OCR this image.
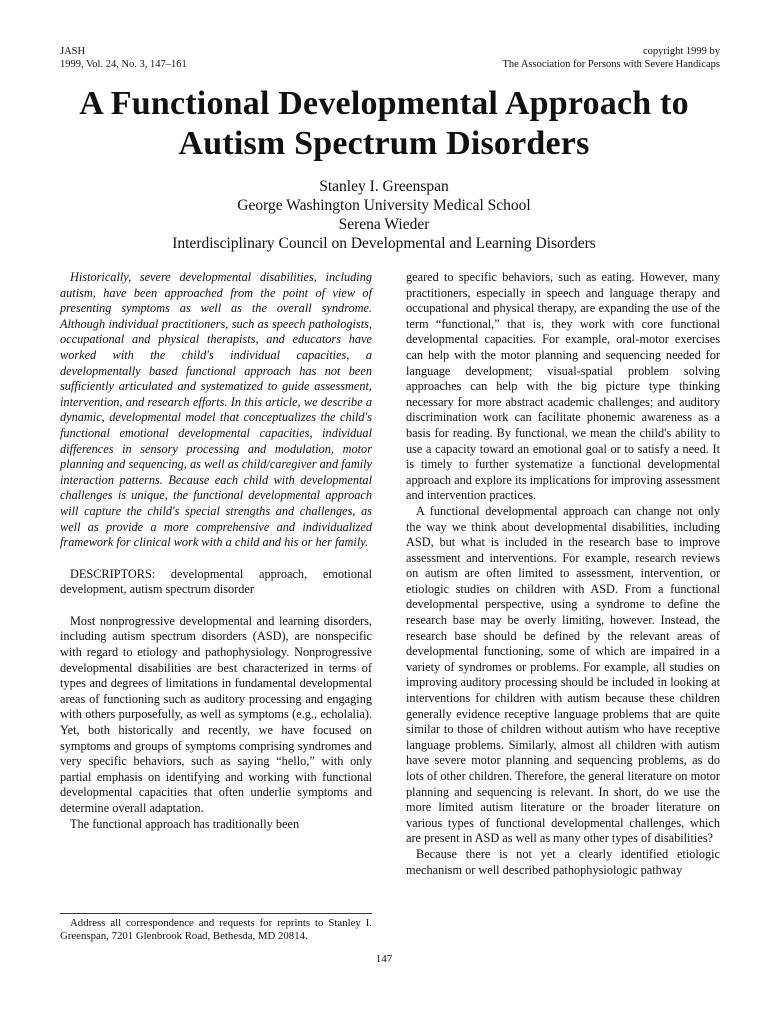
JASH
1999, Vol. 24, No. 3, 147–161
copyright 1999 by
The Association for Persons with Severe Handicaps
A Functional Developmental Approach to
Autism Spectrum Disorders
Stanley I. Greenspan
George Washington University Medical School
Serena Wieder
Interdisciplinary Council on Developmental and Learning Disorders

Historically, severe developmental disabilities, including autism, have been approached from the point of view of presenting symptoms as well as the overall syndrome. Although individual practitioners, such as speech pathologists, occupational and physical therapists, and educators have worked with the child's individual capacities, a developmentally based functional approach has not been sufficiently articulated and systematized to guide assessment, intervention, and research efforts. In this article, we describe a dynamic, developmental model that conceptualizes the child's functional emotional developmental capacities, individual differences in sensory processing and modulation, motor planning and sequencing, as well as child/caregiver and family interaction patterns. Because each child with developmental challenges is unique, the functional developmental approach will capture the child's special strengths and challenges, as well as provide a more comprehensive and individualized framework for clinical work with a child and his or her family.

DESCRIPTORS: developmental approach, emotional development, autism spectrum disorder

Most nonprogressive developmental and learning disorders, including autism spectrum disorders (ASD), are nonspecific with regard to etiology and pathophysiology. Nonprogressive developmental disabilities are best characterized in terms of types and degrees of limitations in fundamental developmental areas of functioning such as auditory processing and engaging with others purposefully, as well as symptoms (e.g., echolalia). Yet, both historically and recently, we have focused on symptoms and groups of symptoms comprising syndromes and very specific behaviors, such as saying “hello,” with only partial emphasis on identifying and working with functional developmental capacities that often underlie symptoms and determine overall adaptation.

The functional approach has traditionally been

Address all correspondence and requests for reprints to Stanley I. Greenspan, 7201 Glenbrook Road, Bethesda, MD 20814.

geared to specific behaviors, such as eating. However, many practitioners, especially in speech and language therapy and occupational and physical therapy, are expanding the use of the term “functional,” that is, they work with core functional developmental capacities. For example, oral-motor exercises can help with the motor planning and sequencing needed for language development; visual-spatial problem solving approaches can help with the big picture type thinking necessary for more abstract academic challenges; and auditory discrimination work can facilitate phonemic awareness as a basis for reading. By functional, we mean the child's ability to use a capacity toward an emotional goal or to satisfy a need. It is timely to further systematize a functional developmental approach and explore its implications for improving assessment and intervention practices.

A functional developmental approach can change not only the way we think about developmental disabilities, including ASD, but what is included in the research base to improve assessment and interventions. For example, research reviews on autism are often limited to assessment, intervention, or etiologic studies on children with ASD. From a functional developmental perspective, using a syndrome to define the research base may be overly limiting, however. Instead, the research base should be defined by the relevant areas of developmental functioning, some of which are impaired in a variety of syndromes or problems. For example, all studies on improving auditory processing should be included in looking at interventions for children with autism because these children generally evidence receptive language problems that are quite similar to those of children without autism who have receptive language problems. Similarly, almost all children with autism have severe motor planning and sequencing problems, as do lots of other children. Therefore, the general literature on motor planning and sequencing is relevant. In short, do we use the more limited autism literature or the broader literature on various types of functional developmental challenges, which are present in ASD as well as many other types of disabilities?

Because there is not yet a clearly identified etiologic mechanism or well described pathophysiologic pathway

147
